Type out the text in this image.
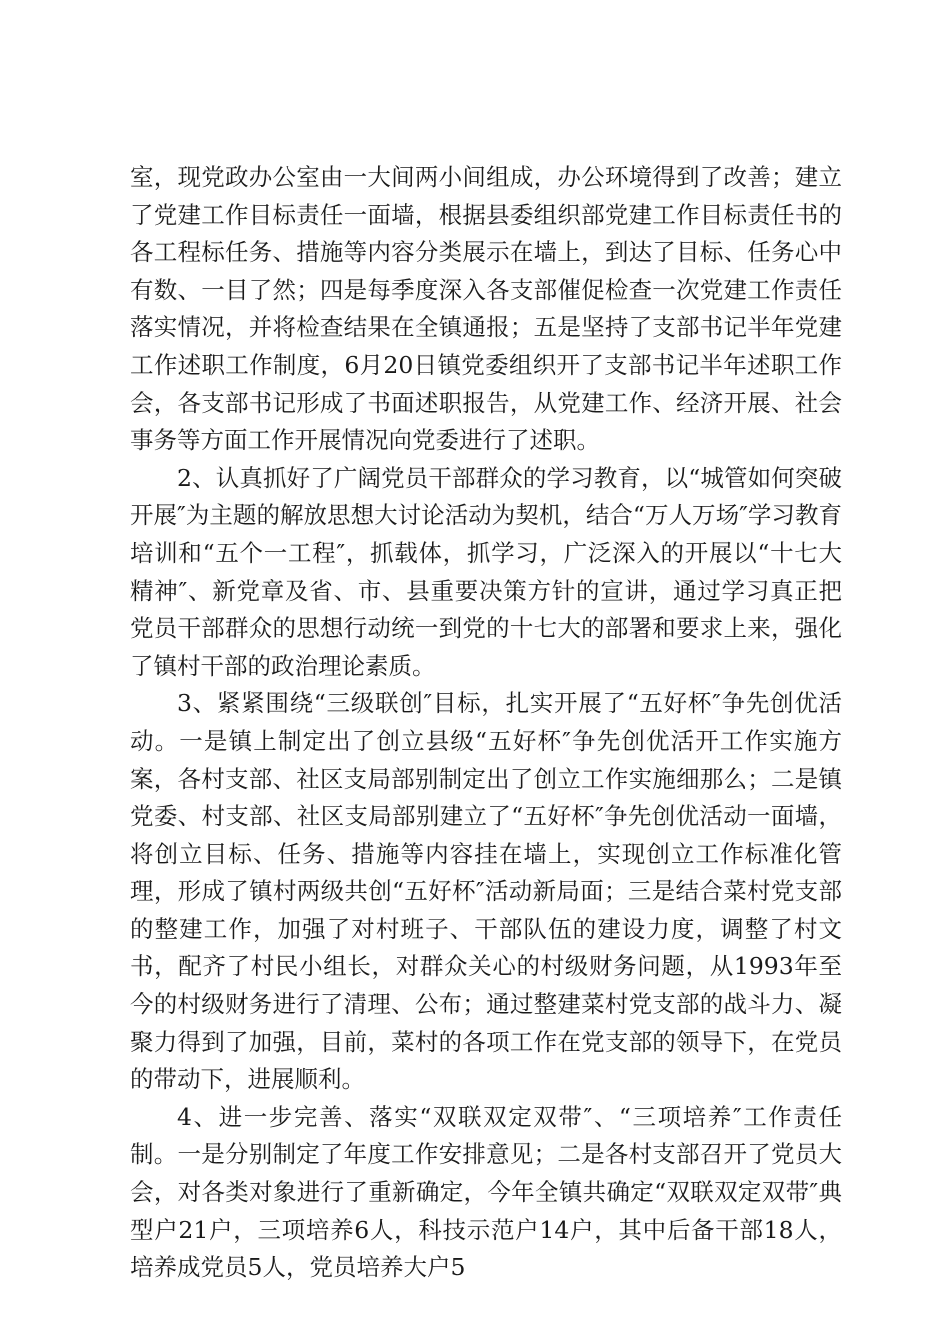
室，现党政办公室由一大间两小间组成，办公环境得到了改善；建立了党建工作目标责任一面墙，根据县委组织部党建工作目标责任书的各工程标任务、措施等内容分类展示在墙上，到达了目标、任务心中有数、一目了然；四是每季度深入各支部催促检查一次党建工作责任落实情况，并将检查结果在全镇通报；五是坚持了支部书记半年党建工作述职工作制度，6月20日镇党委组织开了支部书记半年述职工作会，各支部书记形成了书面述职报告，从党建工作、经济开展、社会事务等方面工作开展情况向党委进行了述职。

2、认真抓好了广阔党员干部群众的学习教育，以“城管如何突破开展″为主题的解放思想大讨论活动为契机，结合“万人万场″学习教育培训和“五个一工程″，抓载体，抓学习，广泛深入的开展以“十七大精神″、新党章及省、市、县重要决策方针的宣讲，通过学习真正把党员干部群众的思想行动统一到党的十七大的部署和要求上来，强化了镇村干部的政治理论素质。

3、紧紧围绕“三级联创″目标，扎实开展了“五好杯″争先创优活动。一是镇上制定出了创立县级“五好杯″争先创优活开工作实施方案，各村支部、社区支局部别制定出了创立工作实施细那么；二是镇党委、村支部、社区支局部别建立了“五好杯″争先创优活动一面墙，将创立目标、任务、措施等内容挂在墙上，实现创立工作标准化管理，形成了镇村两级共创“五好杯″活动新局面；三是结合菜村党支部的整建工作，加强了对村班子、干部队伍的建设力度，调整了村文书，配齐了村民小组长，对群众关心的村级财务问题，从1993年至今的村级财务进行了清理、公布；通过整建菜村党支部的战斗力、凝聚力得到了加强，目前，菜村的各项工作在党支部的领导下，在党员的带动下，进展顺利。

4、进一步完善、落实“双联双定双带″、“三项培养″工作责任制。一是分别制定了年度工作安排意见；二是各村支部召开了党员大会，对各类对象进行了重新确定，今年全镇共确定“双联双定双带″典型户21户，三项培养6人，科技示范户14户，其中后备干部18人，培养成党员5人，党员培养大户5
